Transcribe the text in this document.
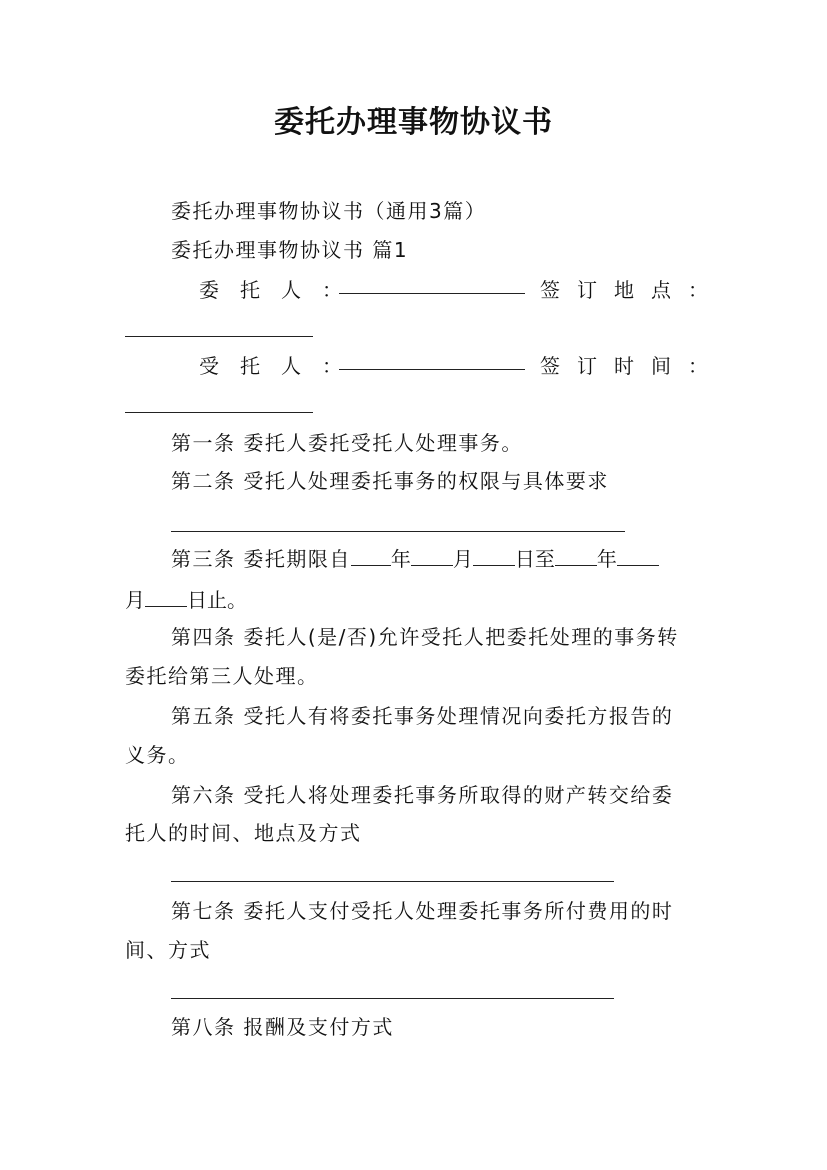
委托办理事物协议书
委托办理事物协议书（通用3篇）
委托办理事物协议书 篇1
委托人：	签订地点：
受托人：	签订时间：
第一条 委托人委托受托人处理事务。
第二条 受托人处理委托事务的权限与具体要求
第三条 委托期限自 年 月 日至 年
月 日止。
第四条 委托人(是/否)允许受托人把委托处理的事务转
委托给第三人处理。
第五条 受托人有将委托事务处理情况向委托方报告的
义务。
第六条 受托人将处理委托事务所取得的财产转交给委
托人的时间、地点及方式
第七条 委托人支付受托人处理委托事务所付费用的时
间、方式
第八条 报酬及支付方式
